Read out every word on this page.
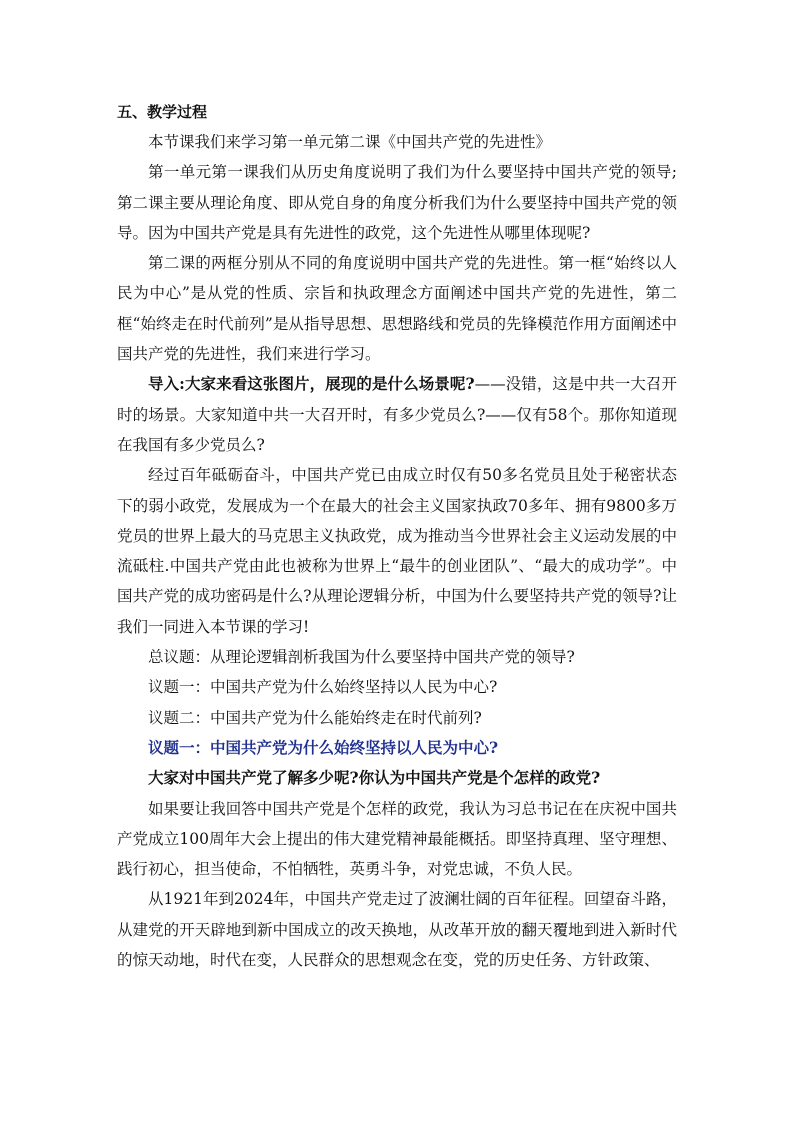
五、教学过程

本节课我们来学习第一单元第二课《中国共产党的先进性》

第一单元第一课我们从历史角度说明了我们为什么要坚持中国共产党的领导;第二课主要从理论角度、即从党自身的角度分析我们为什么要坚持中国共产党的领导。因为中国共产党是具有先进性的政党，这个先进性从哪里体现呢?

第二课的两框分别从不同的角度说明中国共产党的先进性。第一框“始终以人民为中心”是从党的性质、宗旨和执政理念方面阐述中国共产党的先进性，第二框“始终走在时代前列”是从指导思想、思想路线和党员的先锋模范作用方面阐述中国共产党的先进性，我们来进行学习。

导入:大家来看这张图片，展现的是什么场景呢?——没错，这是中共一大召开时的场景。大家知道中共一大召开时，有多少党员么?——仅有58个。那你知道现在我国有多少党员么?

经过百年砥砺奋斗，中国共产党已由成立时仅有50多名党员且处于秘密状态下的弱小政党，发展成为一个在最大的社会主义国家执政70多年、拥有9800多万党员的世界上最大的马克思主义执政党，成为推动当今世界社会主义运动发展的中流砥柱.中国共产党由此也被称为世界上“最牛的创业团队”、“最大的成功学”。中国共产党的成功密码是什么?从理论逻辑分析，中国为什么要坚持共产党的领导?让我们一同进入本节课的学习!

总议题：从理论逻辑剖析我国为什么要坚持中国共产党的领导?

议题一：中国共产党为什么始终坚持以人民为中心?

议题二：中国共产党为什么能始终走在时代前列?

议题一：中国共产党为什么始终坚持以人民为中心?

大家对中国共产党了解多少呢?你认为中国共产党是个怎样的政党?

如果要让我回答中国共产党是个怎样的政党，我认为习总书记在在庆祝中国共产党成立100周年大会上提出的伟大建党精神最能概括。即坚持真理、坚守理想、践行初心，担当使命，不怕牺牲，英勇斗争，对党忠诚，不负人民。

从1921年到2024年，中国共产党走过了波澜壮阔的百年征程。回望奋斗路，从建党的开天辟地到新中国成立的改天换地，从改革开放的翻天覆地到进入新时代的惊天动地，时代在变，人民群众的思想观念在变，党的历史任务、方针政策、
